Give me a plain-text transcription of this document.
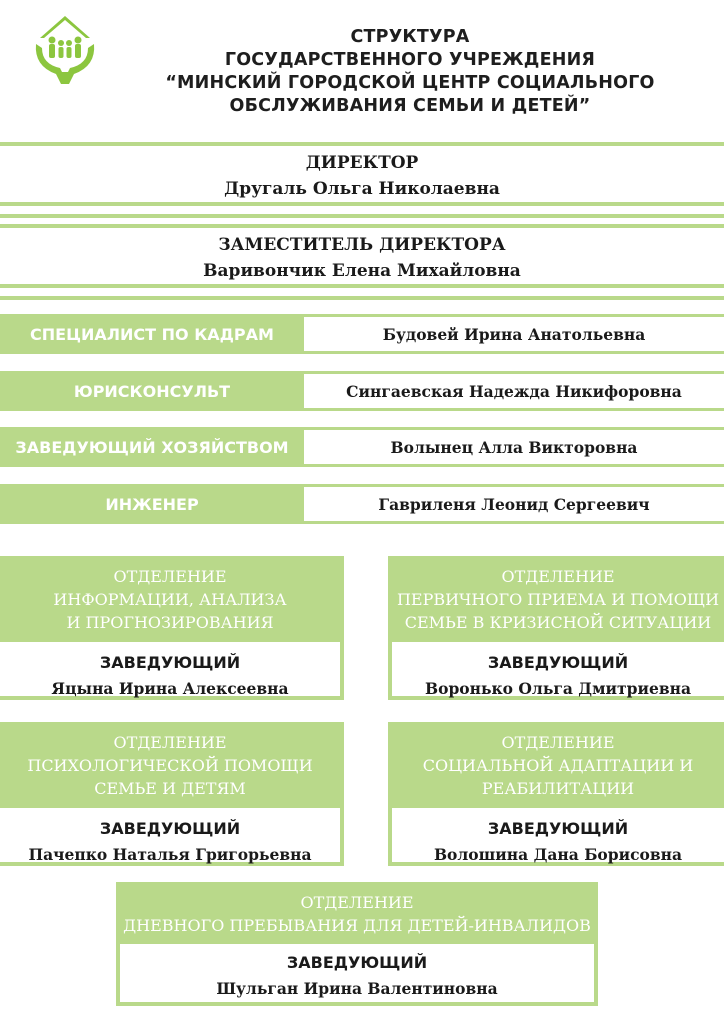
СТРУКТУРА
ГОСУДАРСТВЕННОГО УЧРЕЖДЕНИЯ
“МИНСКИЙ ГОРОДСКОЙ ЦЕНТР СОЦИАЛЬНОГО
ОБСЛУЖИВАНИЯ СЕМЬИ И ДЕТЕЙ”
ДИРЕКТОР
Другаль Ольга Николаевна
ЗАМЕСТИТЕЛЬ ДИРЕКТОРА
Варивончик Елена Михайловна
СПЕЦИАЛИСТ ПО КАДРАМ	Будовей Ирина Анатольевна
ЮРИСКОНСУЛЬТ	Сингаевская Надежда Никифоровна
ЗАВЕДУЮЩИЙ ХОЗЯЙСТВОМ	Волынец Алла Викторовна
ИНЖЕНЕР	Гавриленя Леонид Сергеевич
ОТДЕЛЕНИЕ
ИНФОРМАЦИИ, АНАЛИЗА
И ПРОГНОЗИРОВАНИЯ
ЗАВЕДУЮЩИЙ
Яцына Ирина Алексеевна
ОТДЕЛЕНИЕ
ПЕРВИЧНОГО ПРИЕМА И ПОМОЩИ
СЕМЬЕ В КРИЗИСНОЙ СИТУАЦИИ
ЗАВЕДУЮЩИЙ
Воронько Ольга Дмитриевна
ОТДЕЛЕНИЕ
ПСИХОЛОГИЧЕСКОЙ ПОМОЩИ
СЕМЬЕ И ДЕТЯМ
ЗАВЕДУЮЩИЙ
Пачепко Наталья Григорьевна
ОТДЕЛЕНИЕ
СОЦИАЛЬНОЙ АДАПТАЦИИ И
РЕАБИЛИТАЦИИ
ЗАВЕДУЮЩИЙ
Волошина Дана Борисовна
ОТДЕЛЕНИЕ
ДНЕВНОГО ПРЕБЫВАНИЯ ДЛЯ ДЕТЕЙ-ИНВАЛИДОВ
ЗАВЕДУЮЩИЙ
Шульган Ирина Валентиновна
